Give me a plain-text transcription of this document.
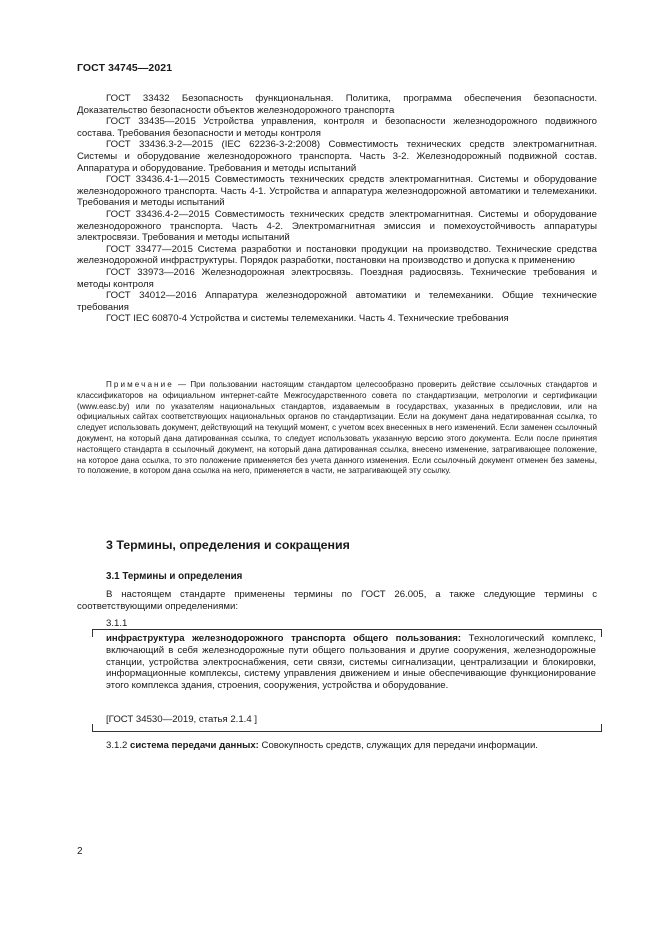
ГОСТ 34745—2021

ГОСТ 33432 Безопасность функциональная. Политика, программа обеспечения безопасности. Доказательство безопасности объектов железнодорожного транспорта

ГОСТ 33435—2015 Устройства управления, контроля и безопасности железнодорожного подвижного состава. Требования безопасности и методы контроля

ГОСТ 33436.3-2—2015 (IEC 62236-3-2:2008) Совместимость технических средств электромагнитная. Системы и оборудование железнодорожного транспорта. Часть 3-2. Железнодорожный подвижной состав. Аппаратура и оборудование. Требования и методы испытаний

ГОСТ 33436.4-1—2015 Совместимость технических средств электромагнитная. Системы и оборудование железнодорожного транспорта. Часть 4-1. Устройства и аппаратура железнодорожной автоматики и телемеханики. Требования и методы испытаний

ГОСТ 33436.4-2—2015 Совместимость технических средств электромагнитная. Системы и оборудование железнодорожного транспорта. Часть 4-2. Электромагнитная эмиссия и помехоустойчивость аппаратуры электросвязи. Требования и методы испытаний

ГОСТ 33477—2015 Система разработки и постановки продукции на производство. Технические средства железнодорожной инфраструктуры. Порядок разработки, постановки на производство и допуска к применению

ГОСТ 33973—2016 Железнодорожная электросвязь. Поездная радиосвязь. Технические требования и методы контроля

ГОСТ 34012—2016 Аппаратура железнодорожной автоматики и телемеханики. Общие технические требования

ГОСТ IEC 60870-4 Устройства и системы телемеханики. Часть 4. Технические требования

Примечание — При пользовании настоящим стандартом целесообразно проверить действие ссылочных стандартов и классификаторов на официальном интернет-сайте Межгосударственного совета по стандартизации, метрологии и сертификации (www.easc.by) или по указателям национальных стандартов, издаваемым в государствах, указанных в предисловии, или на официальных сайтах соответствующих национальных органов по стандартизации. Если на документ дана недатированная ссылка, то следует использовать документ, действующий на текущий момент, с учетом всех внесенных в него изменений. Если заменен ссылочный документ, на который дана датированная ссылка, то следует использовать указанную версию этого документа. Если после принятия настоящего стандарта в ссылочный документ, на который дана датированная ссылка, внесено изменение, затрагивающее положение, на которое дана ссылка, то это положение применяется без учета данного изменения. Если ссылочный документ отменен без замены, то положение, в котором дана ссылка на него, применяется в части, не затрагивающей эту ссылку.

3 Термины, определения и сокращения
3.1 Термины и определения

В настоящем стандарте применены термины по ГОСТ 26.005, а также следующие термины с соответствующими определениями:

3.1.1

инфраструктура железнодорожного транспорта общего пользования: Технологический комплекс, включающий в себя железнодорожные пути общего пользования и другие сооружения, железнодорожные станции, устройства электроснабжения, сети связи, системы сигнализации, централизации и блокировки, информационные комплексы, систему управления движением и иные обеспечивающие функционирование этого комплекса здания, строения, сооружения, устройства и оборудование.

[ГОСТ 34530—2019, статья 2.1.4 ]

3.1.2 система передачи данных: Совокупность средств, служащих для передачи информации.

2
